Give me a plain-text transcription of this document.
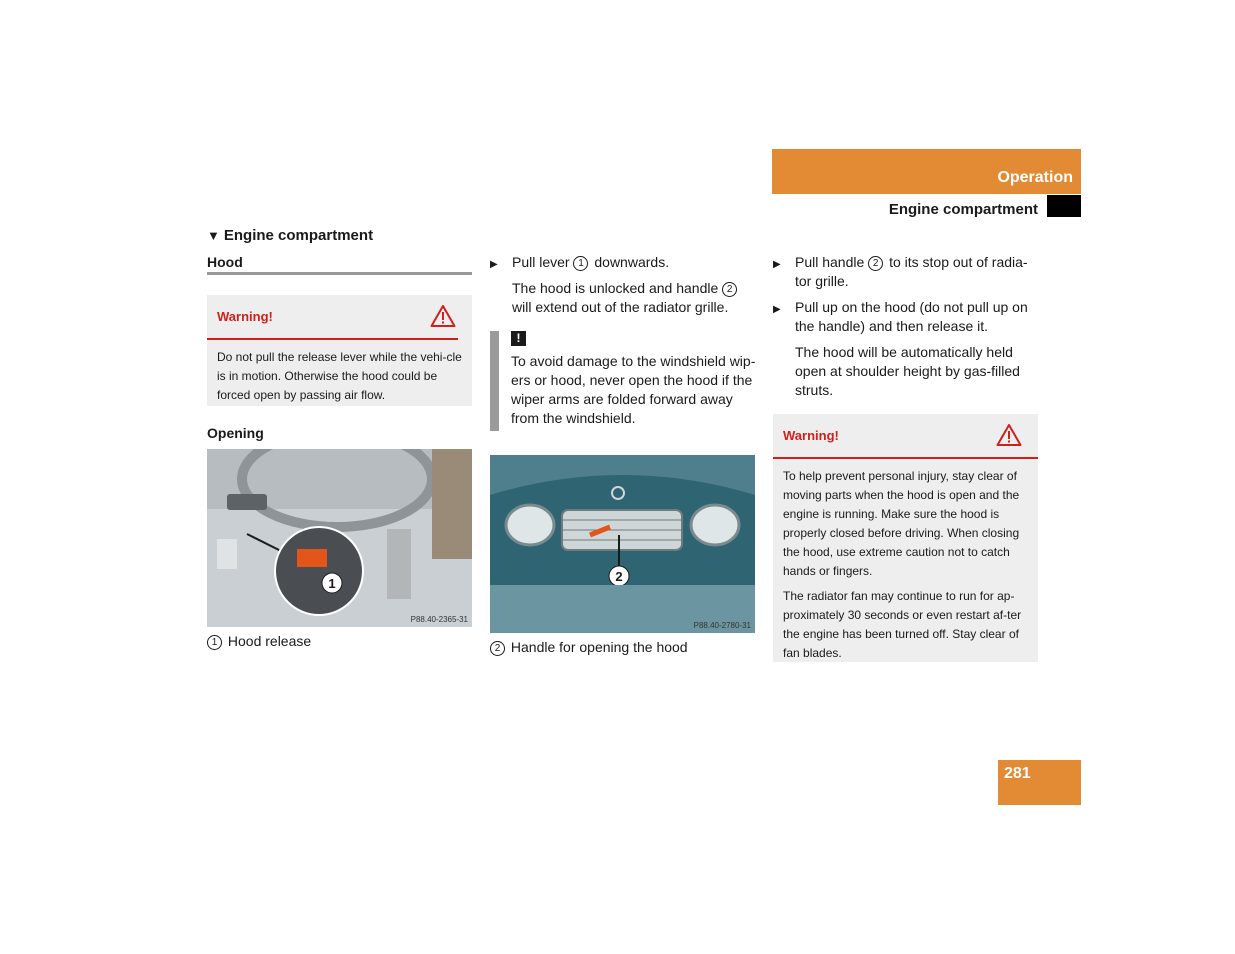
Operation
Engine compartment
▼ Engine compartment
Hood
Warning!
Do not pull the release lever while the vehi-cle is in motion. Otherwise the hood could be forced open by passing air flow.
Opening
1
P88.40-2365-31
1 Hood release
▶	Pull lever 1 downwards.
The hood is unlocked and handle 2 will extend out of the radiator grille.
!
To avoid damage to the windshield wip-ers or hood, never open the hood if the wiper arms are folded forward away from the windshield.
2
P88.40-2780-31
2 Handle for opening the hood
▶	Pull handle 2 to its stop out of radia-tor grille.
▶	Pull up on the hood (do not pull up on the handle) and then release it.
The hood will be automatically held open at shoulder height by gas-filled struts.
Warning!

To help prevent personal injury, stay clear of moving parts when the hood is open and the engine is running. Make sure the hood is properly closed before driving. When closing the hood, use extreme caution not to catch hands or fingers.

The radiator fan may continue to run for ap-proximately 30 seconds or even restart af-ter the engine has been turned off. Stay clear of fan blades.

281
